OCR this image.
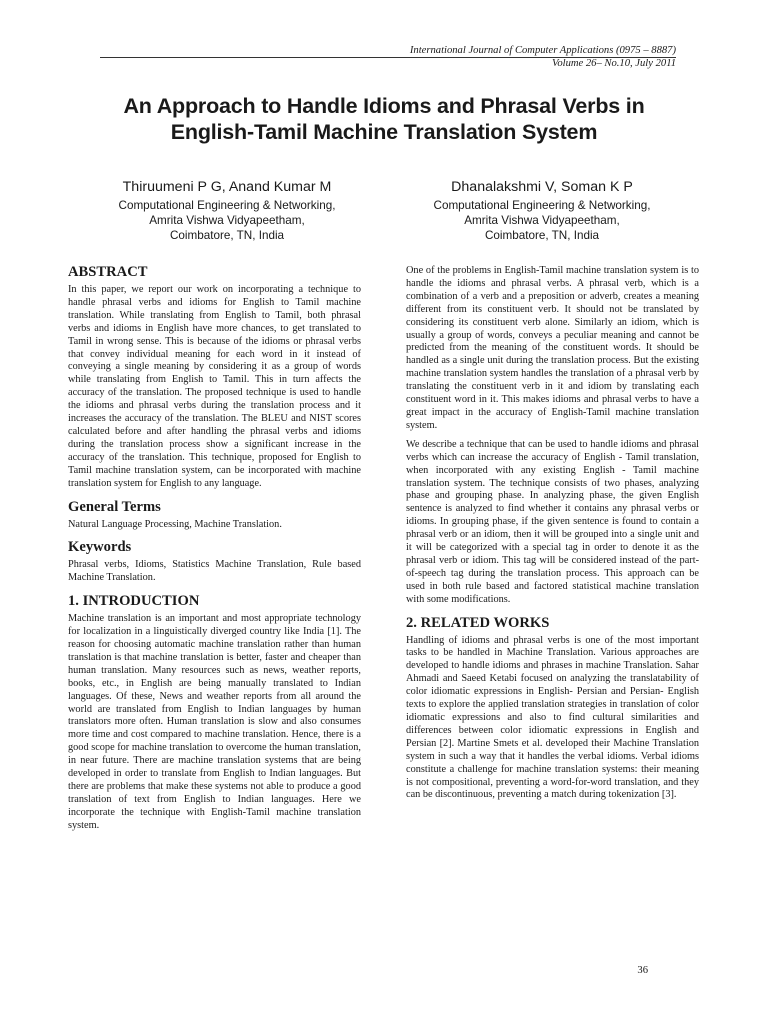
International Journal of Computer Applications (0975 – 8887)
Volume 26– No.10, July 2011
An Approach to Handle Idioms and Phrasal Verbs in
English-Tamil Machine Translation System
Thiruumeni P G, Anand Kumar M
Computational Engineering & Networking,
Amrita Vishwa Vidyapeetham,
Coimbatore, TN, India
Dhanalakshmi V, Soman K P
Computational Engineering & Networking,
Amrita Vishwa Vidyapeetham,
Coimbatore, TN, India
ABSTRACT

In this paper, we report our work on incorporating a technique to handle phrasal verbs and idioms for English to Tamil machine translation. While translating from English to Tamil, both phrasal verbs and idioms in English have more chances, to get translated to Tamil in wrong sense. This is because of the idioms or phrasal verbs that convey individual meaning for each word in it instead of conveying a single meaning by considering it as a group of words while translating from English to Tamil. This in turn affects the accuracy of the translation. The proposed technique is used to handle the idioms and phrasal verbs during the translation process and it increases the accuracy of the translation. The BLEU and NIST scores calculated before and after handling the phrasal verbs and idioms during the translation process show a significant increase in the accuracy of the translation. This technique, proposed for English to Tamil machine translation system, can be incorporated with machine translation system for English to any language.

General Terms

Natural Language Processing, Machine Translation.

Keywords

Phrasal verbs, Idioms, Statistics Machine Translation, Rule based Machine Translation.

1. INTRODUCTION

Machine translation is an important and most appropriate technology for localization in a linguistically diverged country like India [1]. The reason for choosing automatic machine translation rather than human translation is that machine translation is better, faster and cheaper than human translation. Many resources such as news, weather reports, books, etc., in English are being manually translated to Indian languages. Of these, News and weather reports from all around the world are translated from English to Indian languages by human translators more often. Human translation is slow and also consumes more time and cost compared to machine translation. Hence, there is a good scope for machine translation to overcome the human translation, in near future. There are machine translation systems that are being developed in order to translate from English to Indian languages. But there are problems that make these systems not able to produce a good translation of text from English to Indian languages. Here we incorporate the technique with English-Tamil machine translation system.

One of the problems in English-Tamil machine translation system is to handle the idioms and phrasal verbs. A phrasal verb, which is a combination of a verb and a preposition or adverb, creates a meaning different from its constituent verb. It should not be translated by considering its constituent verb alone. Similarly an idiom, which is usually a group of words, conveys a peculiar meaning and cannot be predicted from the meaning of the constituent words. It should be handled as a single unit during the translation process. But the existing machine translation system handles the translation of a phrasal verb by translating the constituent verb in it and idiom by translating each constituent word in it. This makes idioms and phrasal verbs to have a great impact in the accuracy of English-Tamil machine translation system.

We describe a technique that can be used to handle idioms and phrasal verbs which can increase the accuracy of English - Tamil translation, when incorporated with any existing English - Tamil machine translation system. The technique consists of two phases, analyzing phase and grouping phase. In analyzing phase, the given English sentence is analyzed to find whether it contains any phrasal verbs or idioms. In grouping phase, if the given sentence is found to contain a phrasal verb or an idiom, then it will be grouped into a single unit and it will be categorized with a special tag in order to denote it as the phrasal verb or idiom. This tag will be considered instead of the part-of-speech tag during the translation process. This approach can be used in both rule based and factored statistical machine translation with some modifications.

2. RELATED WORKS

Handling of idioms and phrasal verbs is one of the most important tasks to be handled in Machine Translation. Various approaches are developed to handle idioms and phrases in machine Translation. Sahar Ahmadi and Saeed Ketabi focused on analyzing the translatability of color idiomatic expressions in English- Persian and Persian- English texts to explore the applied translation strategies in translation of color idiomatic expressions and also to find cultural similarities and differences between color idiomatic expressions in English and Persian [2]. Martine Smets et al. developed their Machine Translation system in such a way that it handles the verbal idioms. Verbal idioms constitute a challenge for machine translation systems: their meaning is not compositional, preventing a word-for-word translation, and they can be discontinuous, preventing a match during tokenization [3].

36
